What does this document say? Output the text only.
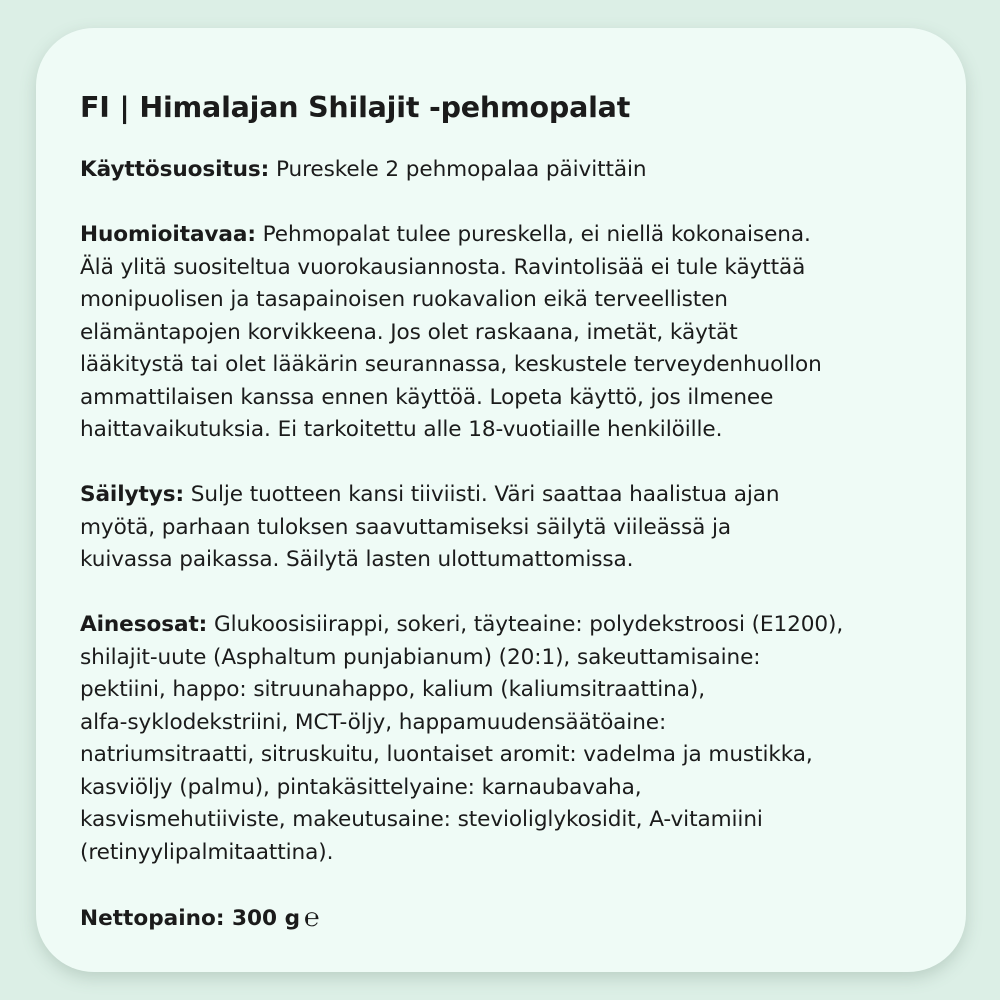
FI | Himalajan Shilajit -pehmopalat
Käyttösuositus: Pureskele 2 pehmopalaa päivittäin
Huomioitavaa: Pehmopalat tulee pureskella, ei niellä kokonaisena.
Älä ylitä suositeltua vuorokausiannosta. Ravintolisää ei tule käyttää
monipuolisen ja tasapainoisen ruokavalion eikä terveellisten
elämäntapojen korvikkeena. Jos olet raskaana, imetät, käytät
lääkitystä tai olet lääkärin seurannassa, keskustele terveydenhuollon
ammattilaisen kanssa ennen käyttöä. Lopeta käyttö, jos ilmenee
haittavaikutuksia. Ei tarkoitettu alle 18-vuotiaille henkilöille.
Säilytys: Sulje tuotteen kansi tiiviisti. Väri saattaa haalistua ajan
myötä, parhaan tuloksen saavuttamiseksi säilytä viileässä ja
kuivassa paikassa. Säilytä lasten ulottumattomissa.
Ainesosat: Glukoosisiirappi, sokeri, täyteaine: polydekstroosi (E1200),
shilajit-uute (Asphaltum punjabianum) (20:1), sakeuttamisaine:
pektiini, happo: sitruunahappo, kalium (kaliumsitraattina),
alfa-syklodekstriini, MCT-öljy, happamuudensäätöaine:
natriumsitraatti, sitruskuitu, luontaiset aromit: vadelma ja mustikka,
kasviöljy (palmu), pintakäsittelyaine: karnaubavaha,
kasvismehutiiviste, makeutusaine: stevioliglykosidit, A-vitamiini
(retinyylipalmitaattina).
Nettopaino: 300 g ℮
